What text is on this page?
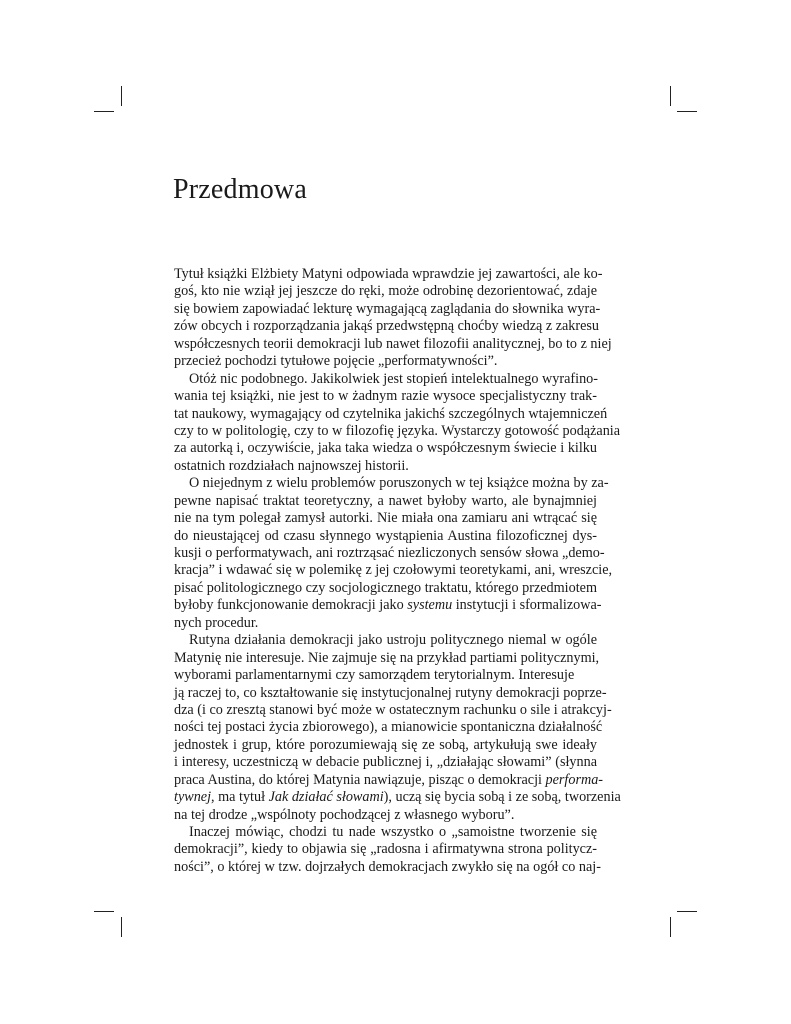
Przedmowa
Tytuł książki Elżbiety Matyni odpowiada wprawdzie jej zawartości, ale ko-
goś, kto nie wziął jej jeszcze do ręki, może odrobinę dezorientować, zdaje
się bowiem zapowiadać lekturę wymagającą zaglądania do słownika wyra-
zów obcych i rozporządzania jakąś przedwstępną choćby wiedzą z zakresu
współczesnych teorii demokracji lub nawet filozofii analitycznej, bo to z niej
przecież pochodzi tytułowe pojęcie „performatywności”.
Otóż nic podobnego. Jakikolwiek jest stopień intelektualnego wyrafino-
wania tej książki, nie jest to w żadnym razie wysoce specjalistyczny trak-
tat naukowy, wymagający od czytelnika jakichś szczególnych wtajemniczeń
czy to w politologię, czy to w filozofię języka. Wystarczy gotowość podążania
za autorką i, oczywiście, jaka taka wiedza o współczesnym świecie i kilku
ostatnich rozdziałach najnowszej historii.
O niejednym z wielu problemów poruszonych w tej książce można by za-
pewne napisać traktat teoretyczny, a nawet byłoby warto, ale bynajmniej
nie na tym polegał zamysł autorki. Nie miała ona zamiaru ani wtrącać się
do nieustającej od czasu słynnego wystąpienia Austina filozoficznej dys-
kusji o performatywach, ani roztrząsać niezliczonych sensów słowa „demo-
kracja” i wdawać się w polemikę z jej czołowymi teoretykami, ani, wreszcie,
pisać politologicznego czy socjologicznego traktatu, którego przedmiotem
byłoby funkcjonowanie demokracji jako systemu instytucji i sformalizowa-
nych procedur.
Rutyna działania demokracji jako ustroju politycznego niemal w ogóle
Matynię nie interesuje. Nie zajmuje się na przykład partiami politycznymi,
wyborami parlamentarnymi czy samorządem terytorialnym. Interesuje
ją raczej to, co kształtowanie się instytucjonalnej rutyny demokracji poprze-
dza (i co zresztą stanowi być może w ostatecznym rachunku o sile i atrakcyj-
ności tej postaci życia zbiorowego), a mianowicie spontaniczna działalność
jednostek i grup, które porozumiewają się ze sobą, artykułują swe ideały
i interesy, uczestniczą w debacie publicznej i, „działając słowami” (słynna
praca Austina, do której Matynia nawiązuje, pisząc o demokracji performa-
tywnej, ma tytuł Jak działać słowami), uczą się bycia sobą i ze sobą, tworzenia
na tej drodze „wspólnoty pochodzącej z własnego wyboru”.
Inaczej mówiąc, chodzi tu nade wszystko o „samoistne tworzenie się
demokracji”, kiedy to objawia się „radosna i afirmatywna strona politycz-
ności”, o której w tzw. dojrzałych demokracjach zwykło się na ogół co naj-
